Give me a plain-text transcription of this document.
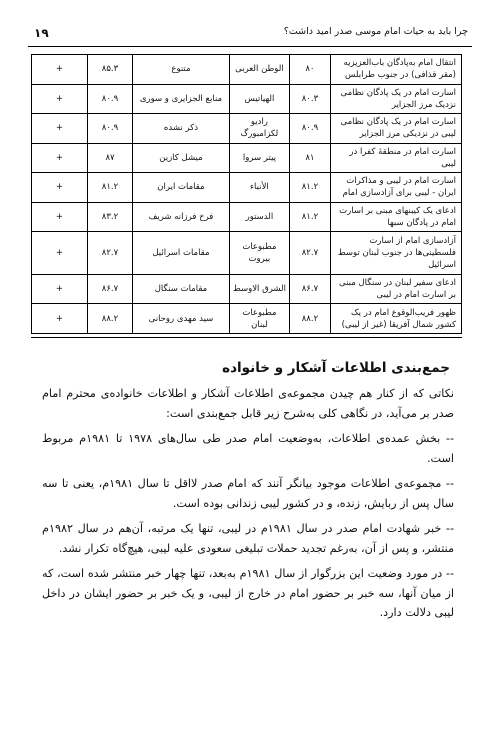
۱۹	چرا باید به حیات امام موسی صدر امید داشت؟
انتقال امام به‌پادگان باب‌العزیزیه (مقر قذافی) در جنوب طرابلس	۸۰	الوطن العربی	متنوع	۸۵.۳	+
اسارت امام در یک پادگان نظامی نزدیک مرز الجزایر	۸۰.۳	الهیاتیس	منابع الجزایری و سوری	۸۰.۹	+
اسارت امام در یک پادگان نظامی لیبی در نزدیکی مرز الجزایر	۸۰.۹	رادیو لکزامبورگ	ذکر نشده	۸۰.۹	+
اسارت امام در منطقهٔ کفرا در لیبی	۸۱	پیتر سروا	میشل کازین	۸۷	+
اسارت امام در لیبی و مذاکرات ایران - لیبی برای آزادسازی امام	۸۱.۲	الأنباء	مقامات ایران	۸۱.۲	+
ادعای یک کیبنهای مبنی بر اسارت امام در پادگان سبها	۸۱.۲	الدستور	فرخ فرزانه شریف	۸۳.۲	+
آزادسازی امام از اسارت فلسطینی‌ها در جنوب لبنان توسط اسرائیل	۸۲.۷	مطبوعات بیروت	مقامات اسرائیل	۸۲.۷	+
ادعای سفیر لبنان در سنگال مبنی بر اسارت امام در لیبی	۸۶.۷	الشرق الاوسط	مقامات سنگال	۸۶.۷	+
ظهور فریب‌الوقوع امام در یک کشور شمال آفریقا (غیر از لیبی)	۸۸.۲	مطبوعات لبنان	سید مهدی روحانی	۸۸.۲	+
جمع‌بندی اطلاعات آشکار و خانواده

نکاتی که از کنار هم چیدن مجموعه‌ی اطلاعات آشکار و اطلاعات خانواده‌ی محترم امام صدر بر می‌آید، در نگاهی کلی به‌شرح زیر قابل جمع‌بندی است:

-- بخش عمده‌ی اطلاعات، به‌وضعیت امام صدر طی سال‌های ۱۹۷۸ تا ۱۹۸۱م مربوط است.

-- مجموعه‌ی اطلاعات موجود بیانگر آنند که امام صدر لااقل تا سال ۱۹۸۱م، یعنی تا سه سال پس از ربایش، زنده، و در کشور لیبی زندانی بوده است.

-- خبر شهادت امام صدر در سال ۱۹۸۱م در لیبی، تنها یک مرتبه، آن‌هم در سال ۱۹۸۲م منتشر، و پس از آن، به‌رغم تجدید حملات تبلیغی سعودی علیه لیبی، هیچ‌گاه تکرار نشد.

-- در مورد وضعیت این بزرگوار از سال ۱۹۸۱م به‌بعد، تنها چهار خبر منتشر شده است، که از میان آنها، سه خبر بر حضور امام در خارج از لیبی، و یک خبر بر حضور ایشان در داخل لیبی دلالت دارد.
